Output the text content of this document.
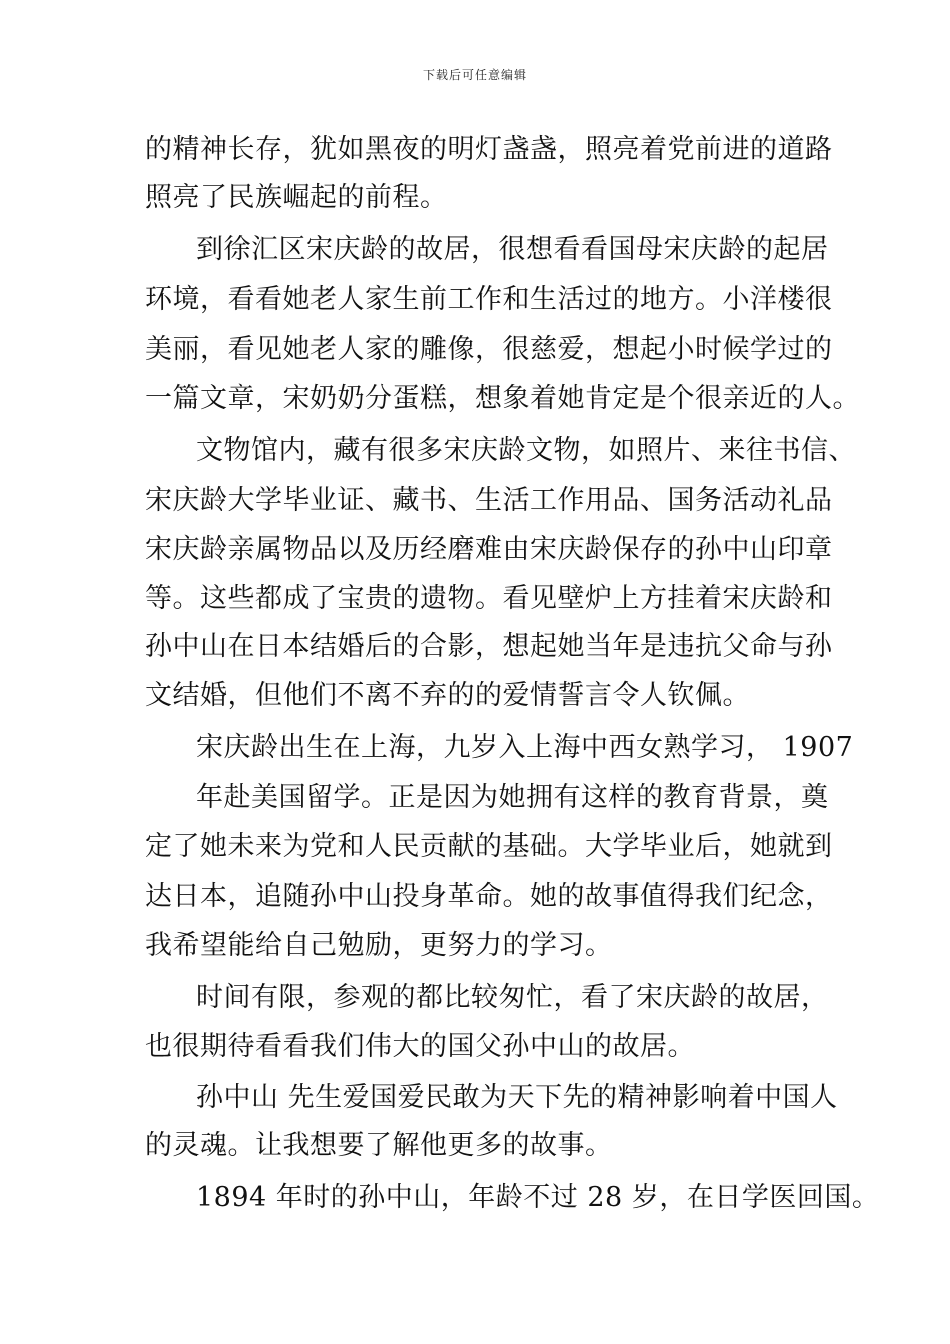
下载后可任意编辑
的精神长存，犹如黑夜的明灯盏盏，照亮着党前进的道路
照亮了民族崛起的前程。
到徐汇区宋庆龄的故居，很想看看国母宋庆龄的起居
环境，看看她老人家生前工作和生活过的地方。小洋楼很
美丽，看见她老人家的雕像，很慈爱，想起小时候学过的
一篇文章，宋奶奶分蛋糕，想象着她肯定是个很亲近的人。
文物馆内，藏有很多宋庆龄文物，如照片、来往书信、
宋庆龄大学毕业证、藏书、生活工作用品、国务活动礼品
宋庆龄亲属物品以及历经磨难由宋庆龄保存的孙中山印章
等。这些都成了宝贵的遗物。看见壁炉上方挂着宋庆龄和
孙中山在日本结婚后的合影，想起她当年是违抗父命与孙
文结婚，但他们不离不弃的的爱情誓言令人钦佩。
宋庆龄出生在上海，九岁入上海中西女熟学习， 1907
年赴美国留学。正是因为她拥有这样的教育背景，奠
定了她未来为党和人民贡献的基础。大学毕业后，她就到
达日本，追随孙中山投身革命。她的故事值得我们纪念，
我希望能给自己勉励，更努力的学习。
时间有限，参观的都比较匆忙，看了宋庆龄的故居，
也很期待看看我们伟大的国父孙中山的故居。
孙中山 先生爱国爱民敢为天下先的精神影响着中国人
的灵魂。让我想要了解他更多的故事。
1894 年时的孙中山，年龄不过 28 岁，在日学医回国。
